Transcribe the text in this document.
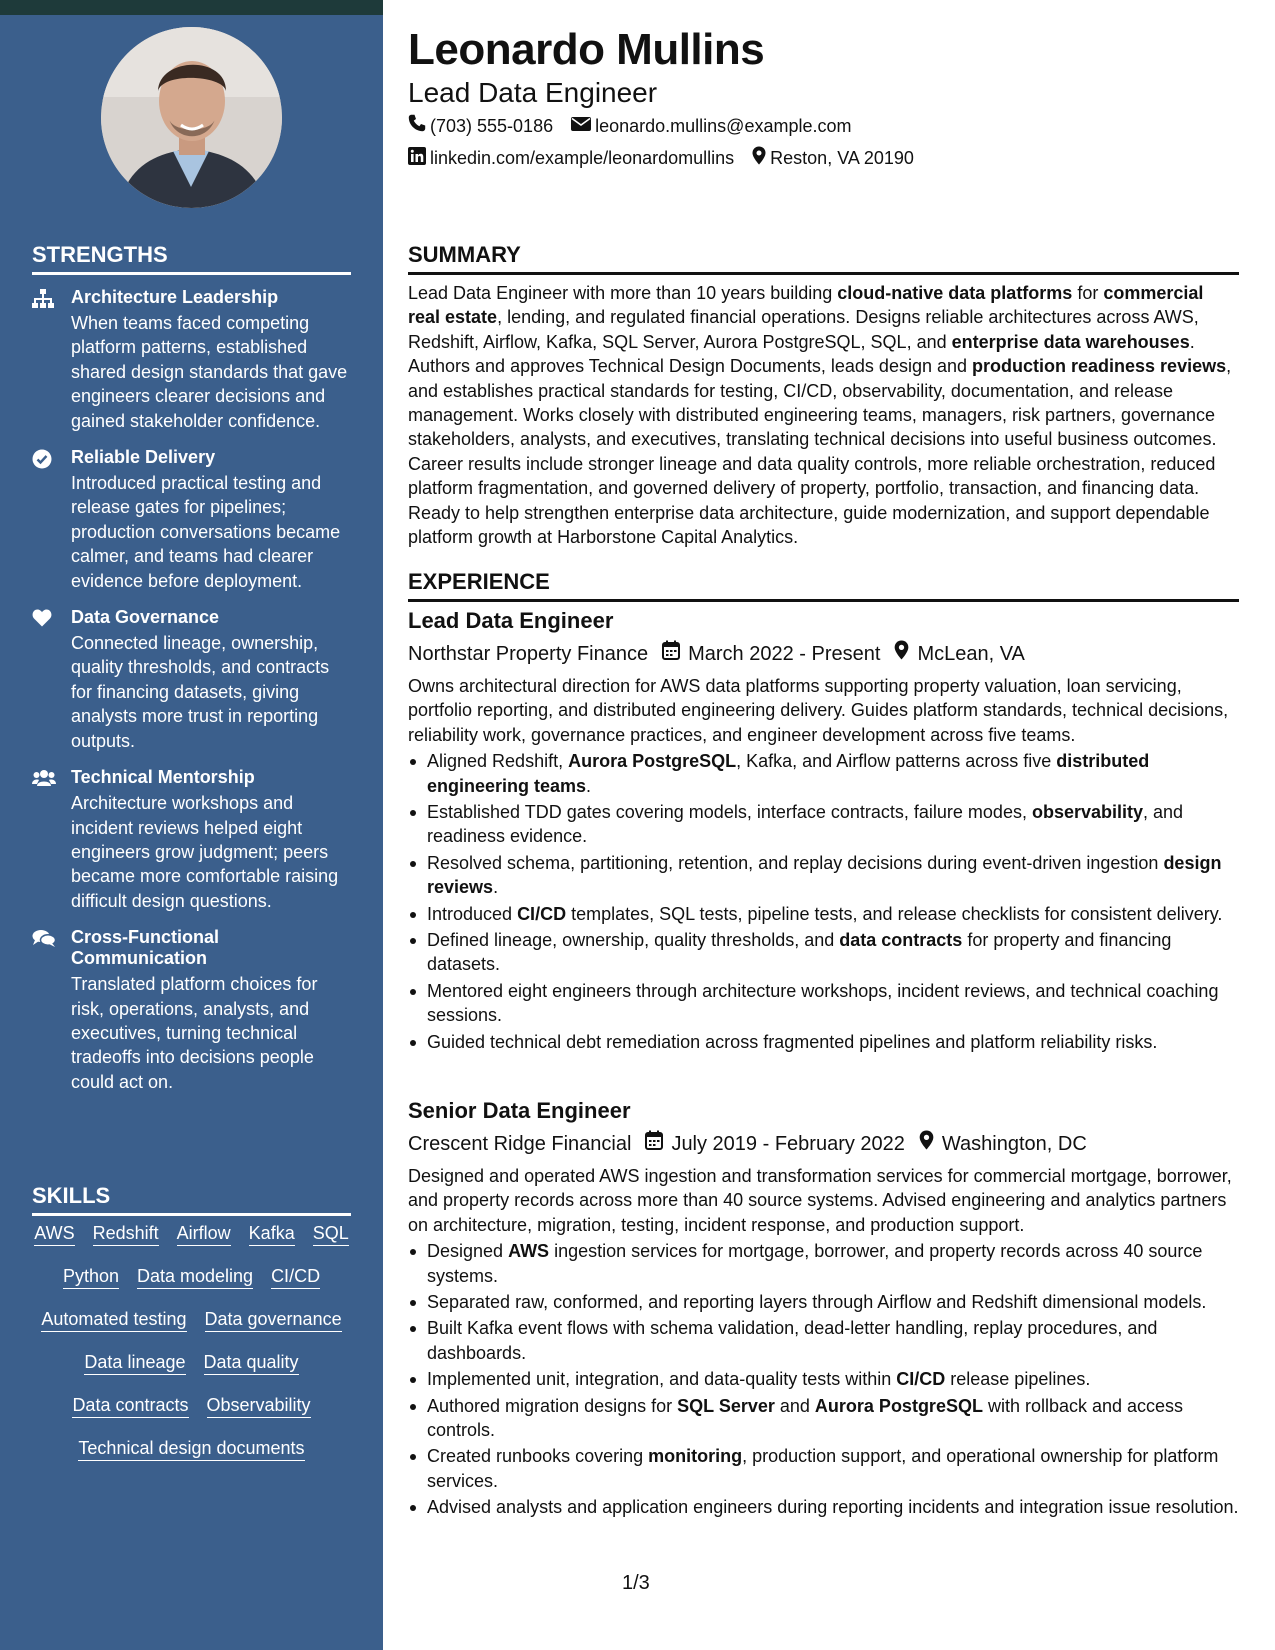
STRENGTHS
Architecture Leadership
When teams faced competing platform patterns, established shared design standards that gave engineers clearer decisions and gained stakeholder confidence.
Reliable Delivery
Introduced practical testing and release gates for pipelines; production conversations became calmer, and teams had clearer evidence before deployment.
Data Governance
Connected lineage, ownership, quality thresholds, and contracts for financing datasets, giving analysts more trust in reporting outputs.
Technical Mentorship
Architecture workshops and incident reviews helped eight engineers grow judgment; peers became more comfortable raising difficult design questions.
Cross-Functional Communication
Translated platform choices for risk, operations, analysts, and executives, turning technical tradeoffs into decisions people could act on.
SKILLS
AWS Redshift Airflow Kafka SQL
Python Data modeling CI/CD
Automated testing Data governance
Data lineage Data quality
Data contracts Observability
Technical design documents
Leonardo Mullins
Lead Data Engineer
(703) 555-0186 leonardo.mullins@example.com
linkedin.com/example/leonardomullins Reston, VA 20190
SUMMARY
Lead Data Engineer with more than 10 years building cloud-native data platforms for commercial real estate, lending, and regulated financial operations. Designs reliable architectures across AWS, Redshift, Airflow, Kafka, SQL Server, Aurora PostgreSQL, SQL, and enterprise data warehouses. Authors and approves Technical Design Documents, leads design and production readiness reviews, and establishes practical standards for testing, CI/CD, observability, documentation, and release management. Works closely with distributed engineering teams, managers, risk partners, governance stakeholders, analysts, and executives, translating technical decisions into useful business outcomes. Career results include stronger lineage and data quality controls, more reliable orchestration, reduced platform fragmentation, and governed delivery of property, portfolio, transaction, and financing data. Ready to help strengthen enterprise data architecture, guide modernization, and support dependable platform growth at Harborstone Capital Analytics.
EXPERIENCE
Lead Data Engineer
Northstar Property Finance March 2022 - Present McLean, VA
Owns architectural direction for AWS data platforms supporting property valuation, loan servicing, portfolio reporting, and distributed engineering delivery. Guides platform standards, technical decisions, reliability work, governance practices, and engineer development across five teams.
Aligned Redshift, Aurora PostgreSQL, Kafka, and Airflow patterns across five distributed engineering teams.
Established TDD gates covering models, interface contracts, failure modes, observability, and readiness evidence.
Resolved schema, partitioning, retention, and replay decisions during event-driven ingestion design reviews.
Introduced CI/CD templates, SQL tests, pipeline tests, and release checklists for consistent delivery.
Defined lineage, ownership, quality thresholds, and data contracts for property and financing datasets.
Mentored eight engineers through architecture workshops, incident reviews, and technical coaching sessions.
Guided technical debt remediation across fragmented pipelines and platform reliability risks.
Senior Data Engineer
Crescent Ridge Financial July 2019 - February 2022 Washington, DC
Designed and operated AWS ingestion and transformation services for commercial mortgage, borrower, and property records across more than 40 source systems. Advised engineering and analytics partners on architecture, migration, testing, incident response, and production support.
Designed AWS ingestion services for mortgage, borrower, and property records across 40 source systems.
Separated raw, conformed, and reporting layers through Airflow and Redshift dimensional models.
Built Kafka event flows with schema validation, dead-letter handling, replay procedures, and dashboards.
Implemented unit, integration, and data-quality tests within CI/CD release pipelines.
Authored migration designs for SQL Server and Aurora PostgreSQL with rollback and access controls.
Created runbooks covering monitoring, production support, and operational ownership for platform services.
Advised analysts and application engineers during reporting incidents and integration issue resolution.
1/3
